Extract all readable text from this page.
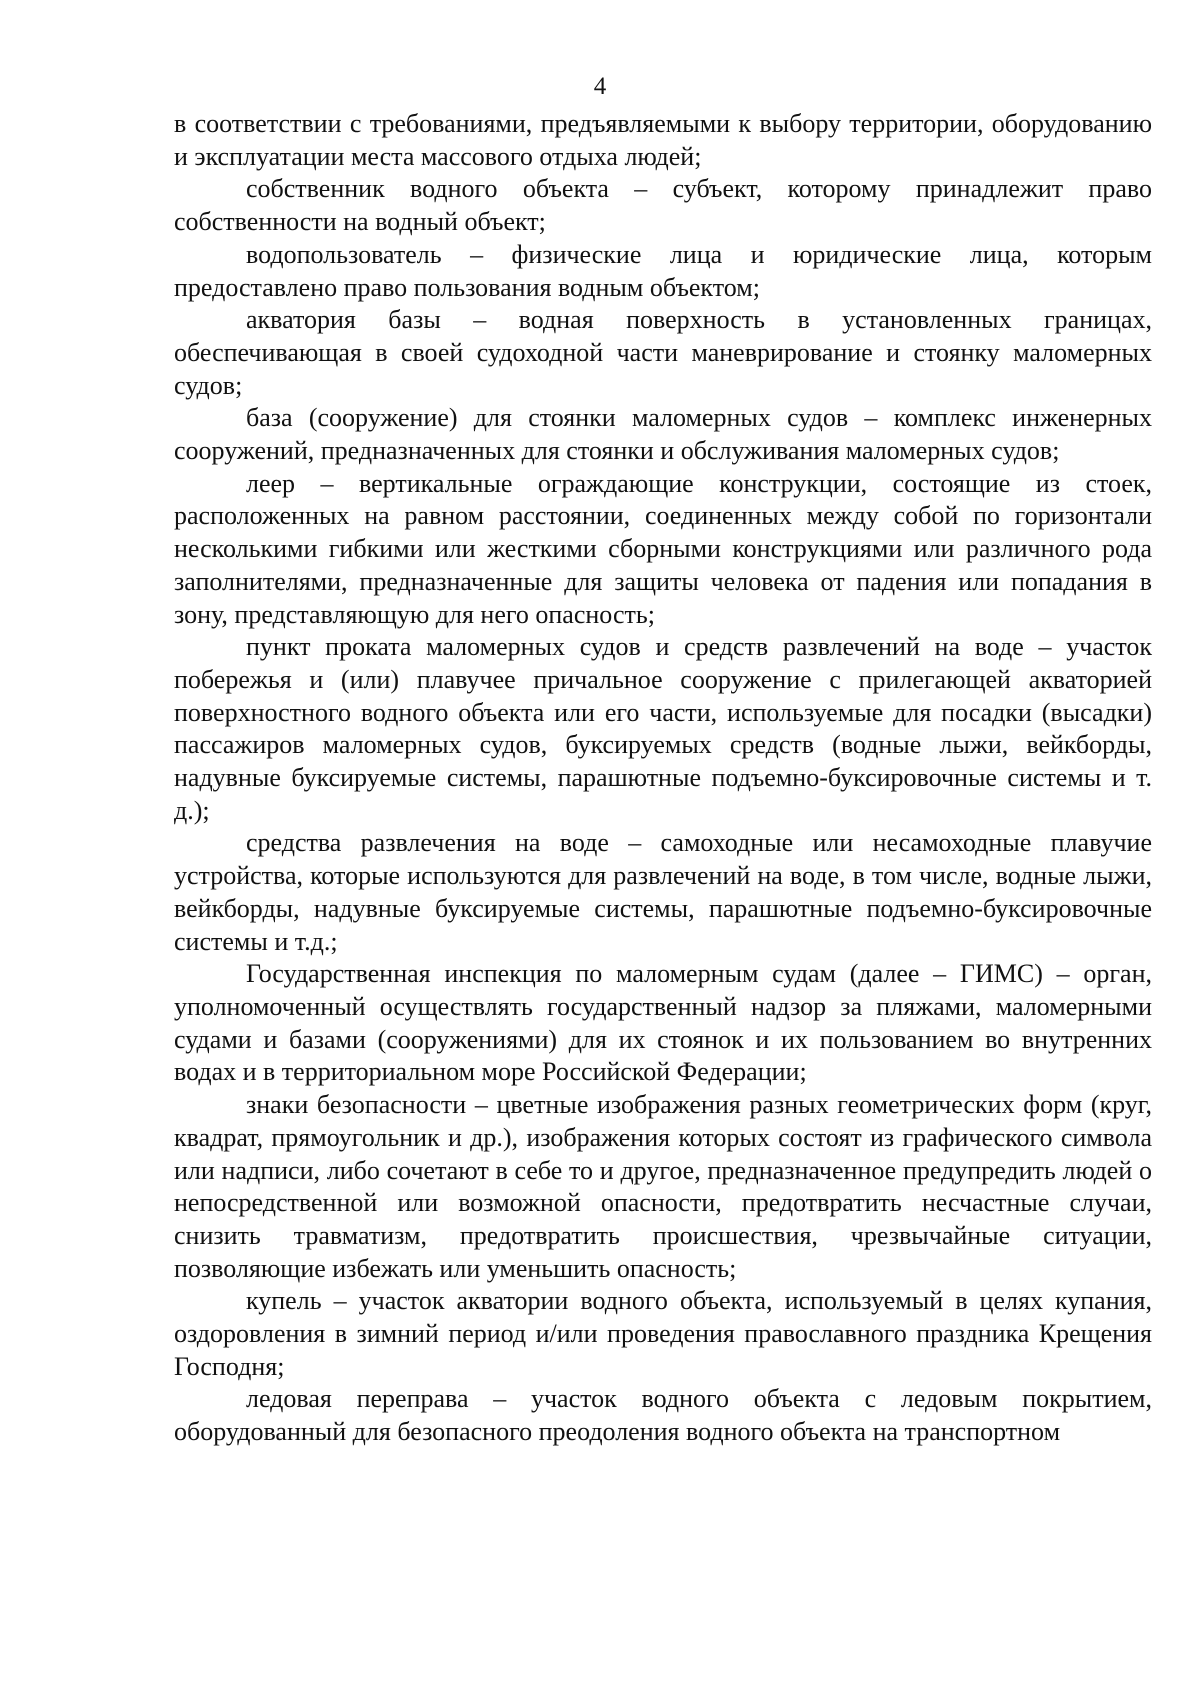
4

в соответствии с требованиями, предъявляемыми к выбору территории, оборудованию и эксплуатации места массового отдыха людей;

собственник водного объекта – субъект, которому принадлежит право собственности на водный объект;

водопользователь – физические лица и юридические лица, которым предоставлено право пользования водным объектом;

акватория базы – водная поверхность в установленных границах, обеспечивающая в своей судоходной части маневрирование и стоянку маломерных судов;

база (сооружение) для стоянки маломерных судов – комплекс инженерных сооружений, предназначенных для стоянки и обслуживания маломерных судов;

леер – вертикальные ограждающие конструкции, состоящие из стоек, расположенных на равном расстоянии, соединенных между собой по горизонтали несколькими гибкими или жесткими сборными конструкциями или различного рода заполнителями, предназначенные для защиты человека от падения или попадания в зону, представляющую для него опасность;

пункт проката маломерных судов и средств развлечений на воде – участок побережья и (или) плавучее причальное сооружение с прилегающей акваторией поверхностного водного объекта или его части, используемые для посадки (высадки) пассажиров маломерных судов, буксируемых средств (водные лыжи, вейкборды, надувные буксируемые системы, парашютные подъемно-буксировочные системы и т. д.);

средства развлечения на воде – самоходные или несамоходные плавучие устройства, которые используются для развлечений на воде, в том числе, водные лыжи, вейкборды, надувные буксируемые системы, парашютные подъемно-буксировочные системы и т.д.;

Государственная инспекция по маломерным судам (далее – ГИМС) – орган, уполномоченный осуществлять государственный надзор за пляжами, маломерными судами и базами (сооружениями) для их стоянок и их пользованием во внутренних водах и в территориальном море Российской Федерации;

знаки безопасности – цветные изображения разных геометрических форм (круг, квадрат, прямоугольник и др.), изображения которых состоят из графического символа или надписи, либо сочетают в себе то и другое, предназначенное предупредить людей о непосредственной или возможной опасности, предотвратить несчастные случаи, снизить травматизм, предотвратить происшествия, чрезвычайные ситуации, позволяющие избежать или уменьшить опасность;

купель – участок акватории водного объекта, используемый в целях купания, оздоровления в зимний период и/или проведения православного праздника Крещения Господня;

ледовая переправа – участок водного объекта с ледовым покрытием, оборудованный для безопасного преодоления водного объекта на транспортном
